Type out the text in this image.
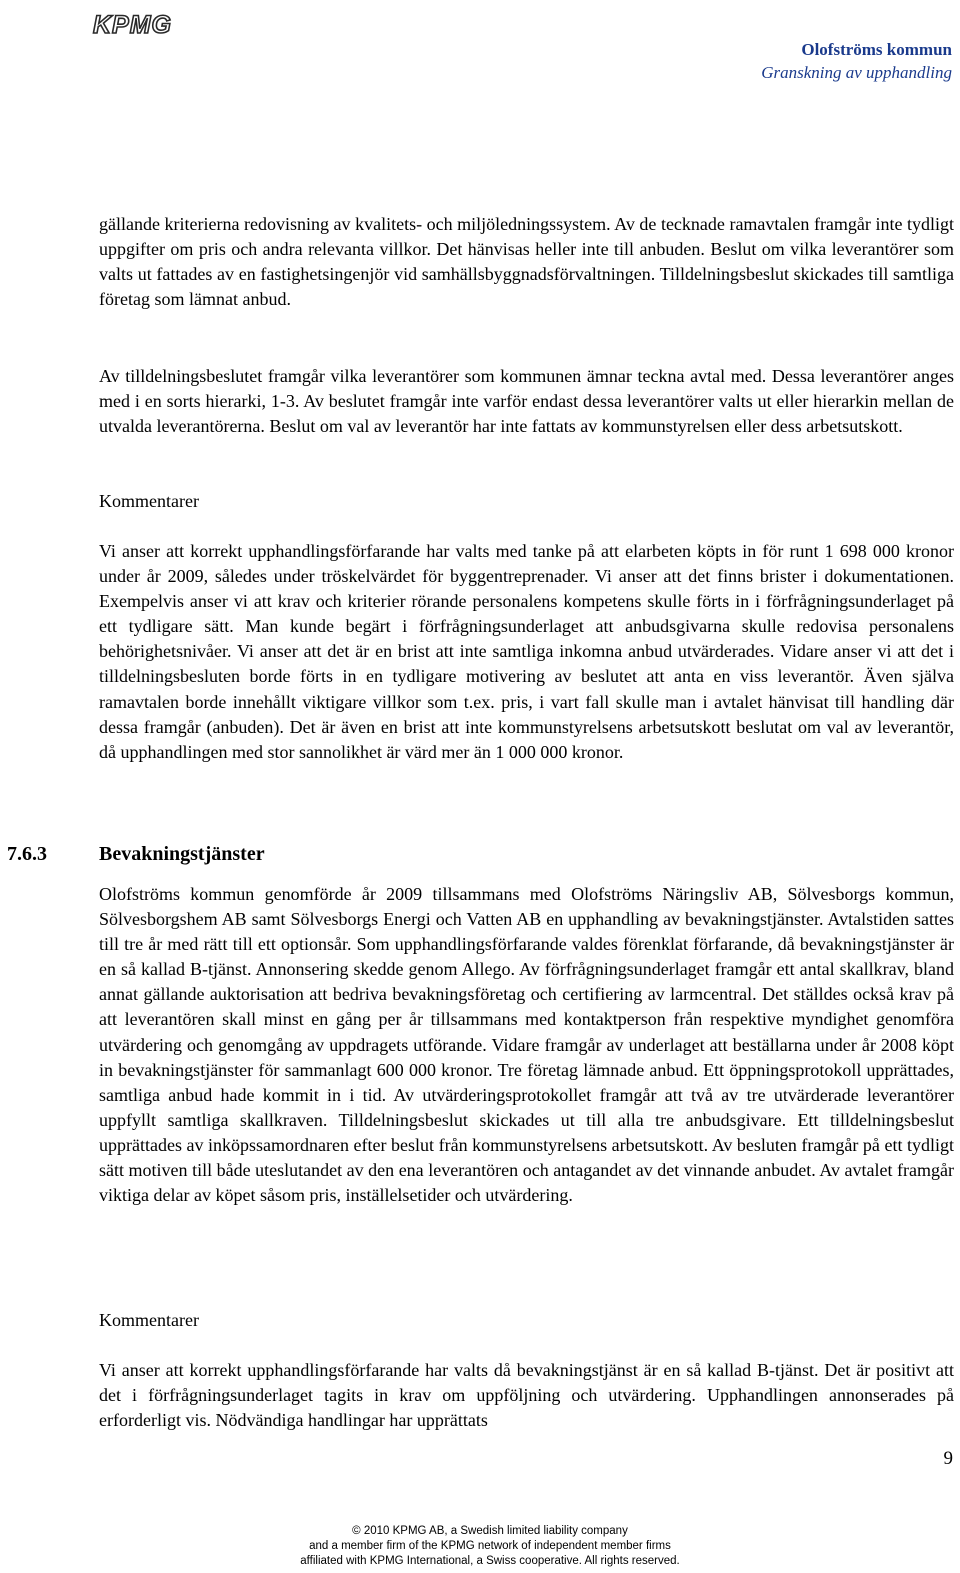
KPMG
Olofströms kommun
Granskning av upphandling

gällande kriterierna redovisning av kvalitets- och miljöledningssystem. Av de tecknade ramavtalen framgår inte tydligt uppgifter om pris och andra relevanta villkor. Det hänvisas heller inte till anbuden. Beslut om vilka leverantörer som valts ut fattades av en fastighetsingenjör vid samhällsbyggnadsförvaltningen. Tilldelningsbeslut skickades till samtliga företag som lämnat anbud.

Av tilldelningsbeslutet framgår vilka leverantörer som kommunen ämnar teckna avtal med. Dessa leverantörer anges med i en sorts hierarki, 1-3. Av beslutet framgår inte varför endast dessa leverantörer valts ut eller hierarkin mellan de utvalda leverantörerna. Beslut om val av leverantör har inte fattats av kommunstyrelsen eller dess arbetsutskott.

Kommentarer

Vi anser att korrekt upphandlingsförfarande har valts med tanke på att elarbeten köpts in för runt 1 698 000 kronor under år 2009, således under tröskelvärdet för byggentreprenader. Vi anser att det finns brister i dokumentationen. Exempelvis anser vi att krav och kriterier rörande personalens kompetens skulle förts in i förfrågningsunderlaget på ett tydligare sätt. Man kunde begärt i förfrågningsunderlaget att anbudsgivarna skulle redovisa personalens behörighetsnivåer. Vi anser att det är en brist att inte samtliga inkomna anbud utvärderades. Vidare anser vi att det i tilldelningsbesluten borde förts in en tydligare motivering av beslutet att anta en viss leverantör. Även själva ramavtalen borde innehållt viktigare villkor som t.ex. pris, i vart fall skulle man i avtalet hänvisat till handling där dessa framgår (anbuden). Det är även en brist att inte kommunstyrelsens arbetsutskott beslutat om val av leverantör, då upphandlingen med stor sannolikhet är värd mer än 1 000 000 kronor.

7.6.3	Bevakningstjänster

Olofströms kommun genomförde år 2009 tillsammans med Olofströms Näringsliv AB, Sölvesborgs kommun, Sölvesborgshem AB samt Sölvesborgs Energi och Vatten AB en upphandling av bevakningstjänster. Avtalstiden sattes till tre år med rätt till ett optionsår. Som upphandlingsförfarande valdes förenklat förfarande, då bevakningstjänster är en så kallad B-tjänst. Annonsering skedde genom Allego. Av förfrågningsunderlaget framgår ett antal skallkrav, bland annat gällande auktorisation att bedriva bevakningsföretag och certifiering av larmcentral. Det ställdes också krav på att leverantören skall minst en gång per år tillsammans med kontaktperson från respektive myndighet genomföra utvärdering och genomgång av uppdragets utförande. Vidare framgår av underlaget att beställarna under år 2008 köpt in bevakningstjänster för sammanlagt 600 000 kronor. Tre företag lämnade anbud. Ett öppningsprotokoll upprättades, samtliga anbud hade kommit in i tid. Av utvärderingsprotokollet framgår att två av tre utvärderade leverantörer uppfyllt samtliga skallkraven. Tilldelningsbeslut skickades ut till alla tre anbudsgivare. Ett tilldelningsbeslut upprättades av inköpssamordnaren efter beslut från kommunstyrelsens arbetsutskott. Av besluten framgår på ett tydligt sätt motiven till både uteslutandet av den ena leverantören och antagandet av det vinnande anbudet. Av avtalet framgår viktiga delar av köpet såsom pris, inställelsetider och utvärdering.

Kommentarer

Vi anser att korrekt upphandlingsförfarande har valts då bevakningstjänst är en så kallad B-tjänst. Det är positivt att det i förfrågningsunderlaget tagits in krav om uppföljning och utvärdering. Upphandlingen annonserades på erforderligt vis. Nödvändiga handlingar har upprättats

9
© 2010 KPMG AB, a Swedish limited liability company
and a member firm of the KPMG network of independent member firms
affiliated with KPMG International, a Swiss cooperative. All rights reserved.
